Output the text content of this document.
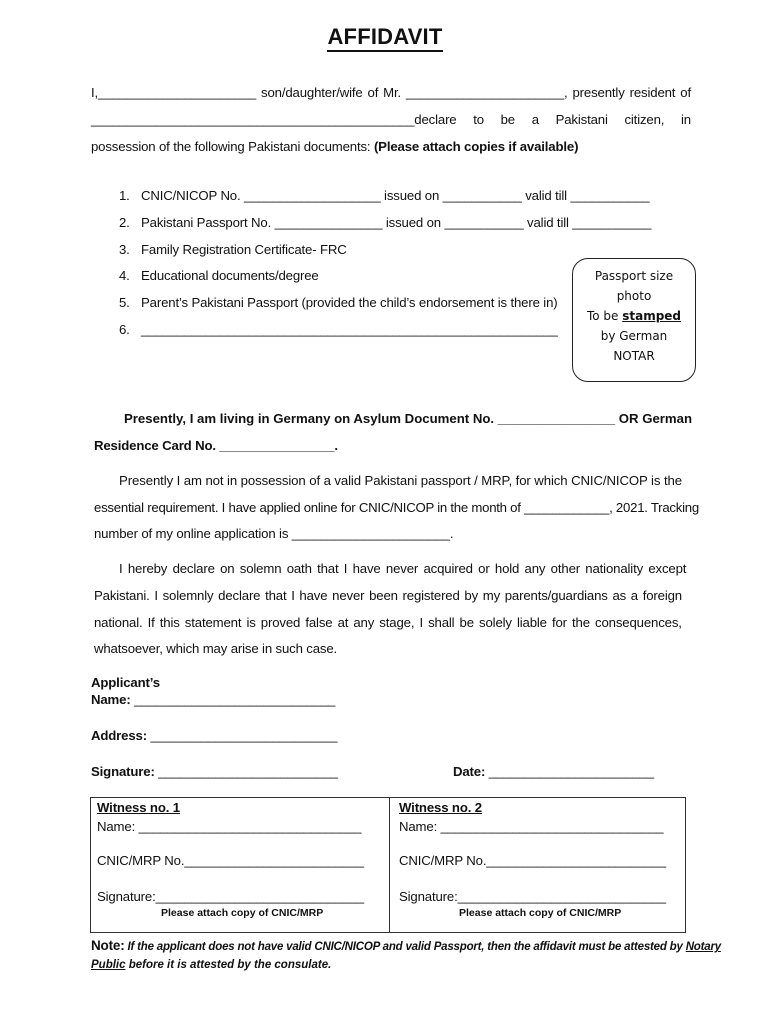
AFFIDAVIT
I,______________________ son/daughter/wife of Mr. ______________________, presently resident of
_____________________________________________declare to be a Pakistani citizen, in
possession of the following Pakistani documents: (Please attach copies if available)
1. CNIC/NICOP No. ___________________ issued on ___________ valid till ___________
2. Pakistani Passport No. _______________ issued on ___________ valid till ___________
3. Family Registration Certificate- FRC
4. Educational documents/degree
5. Parent’s Pakistani Passport (provided the child’s endorsement is there in)
6. __________________________________________________________
Passport size
photo
To be stamped
by German
NOTAR
Presently, I am living in Germany on Asylum Document No. ________________ OR German
Residence Card No. ________________.
Presently I am not in possession of a valid Pakistani passport / MRP, for which CNIC/NICOP is the
essential requirement. I have applied online for CNIC/NICOP in the month of ____________, 2021. Tracking
number of my online application is ______________________.
I hereby declare on solemn oath that I have never acquired or hold any other nationality except
Pakistani. I solemnly declare that I have never been registered by my parents/guardians as a foreign
national. If this statement is proved false at any stage, I shall be solely liable for the consequences,
whatsoever, which may arise in such case.
Applicant’s
Name: ____________________________
Address: __________________________
Signature: _________________________	Date: _______________________
Witness no. 1
Name: _______________________________
CNIC/MRP No._________________________
Signature:_____________________________
Please attach copy of CNIC/MRP
Witness no. 2
Name: _______________________________
CNIC/MRP No._________________________
Signature:_____________________________
Please attach copy of CNIC/MRP
Note: If the applicant does not have valid CNIC/NICOP and valid Passport, then the affidavit must be attested by Notary
Public before it is attested by the consulate.
